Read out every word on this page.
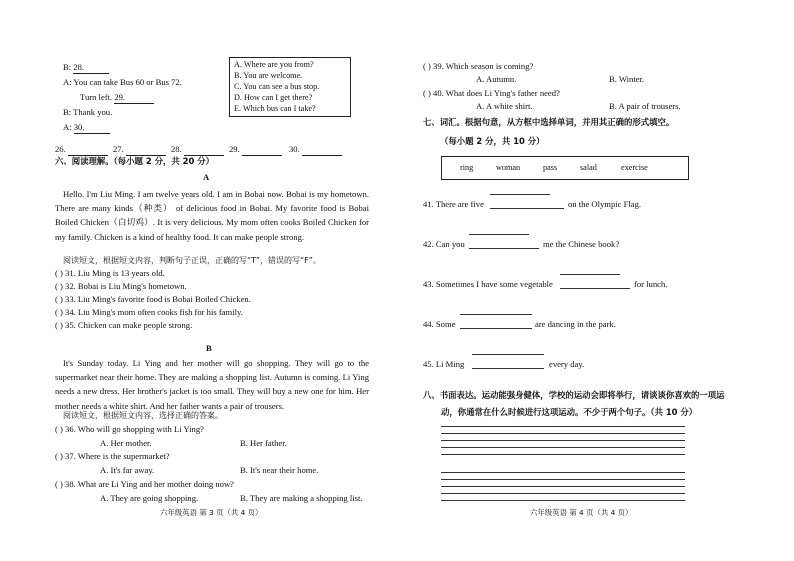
B: 28.
A: You can take Bus 60 or Bus 72.
Turn left. 29.
B: Thank you.
A: 30.
A. Where are you from?
B. You are welcome.
C. You can see a bus stop.
D. How can I get there?
E. Which bus can I take?
26.	27.	28.	29.	30.
六、阅读理解。（每小题 2 分，共 20 分）
A
Hello. I'm Liu Ming. I am twelve years old. I am in Bobai now. Bobai is my hometown. There are many kinds（种类） of delicious food in Bobai. My favorite food is Bobai Boiled Chicken（白切鸡）. It is very delicious. My mom often cooks Boiled Chicken for my family. Chicken is a kind of healthy food. It can make people strong.
阅读短文，根据短文内容，判断句子正误，正确的写“T”，错误的写“F”。
( ) 31. Liu Ming is 13 years old.
( ) 32. Bobai is Liu Ming's hometown.
( ) 33. Liu Ming's favorite food is Bobai Boiled Chicken.
( ) 34. Liu Ming's mom often cooks fish for his family.
( ) 35. Chicken can make people strong.
B
It's Sunday today. Li Ying and her mother will go shopping. They will go to the supermarket near their home. They are making a shopping list. Autumn is coming. Li Ying needs a new dress. Her brother's jacket is too small. They will buy a new one for him. Her mother needs a white shirt. And her father wants a pair of trousers.
阅读短文，根据短文内容，选择正确的答案。
( ) 36. Who will go shopping with Li Ying?
A. Her mother.	B. Her father.
( ) 37. Where is the supermarket?
A. It's far away.	B. It's near their home.
( ) 38. What are Li Ying and her mother doing now?
A. They are going shopping.	B. They are making a shopping list.
六年级英语 第 3 页（共 4 页）
( ) 39. Which season is coming?
A. Autumn.	B. Winter.
( ) 40. What does Li Ying's father need?
A. A white shirt.	B. A pair of trousers.
七、词汇。根据句意，从方框中选择单词，并用其正确的形式填空。
（每小题 2 分，共 10 分）
ring	woman	pass	salad	exercise
41. There are five	on the Olympic Flag.
42. Can you	me the Chinese book?
43. Sometimes I have some vegetable	for lunch.
44. Some	are dancing in the park.
45. Li Ming	every day.
八、书面表达。运动能强身健体，学校的运动会即将举行，请谈谈你喜欢的一项运
动，你通常在什么时候进行这项运动。不少于两个句子。（共 10 分）
六年级英语 第 4 页（共 4 页）
